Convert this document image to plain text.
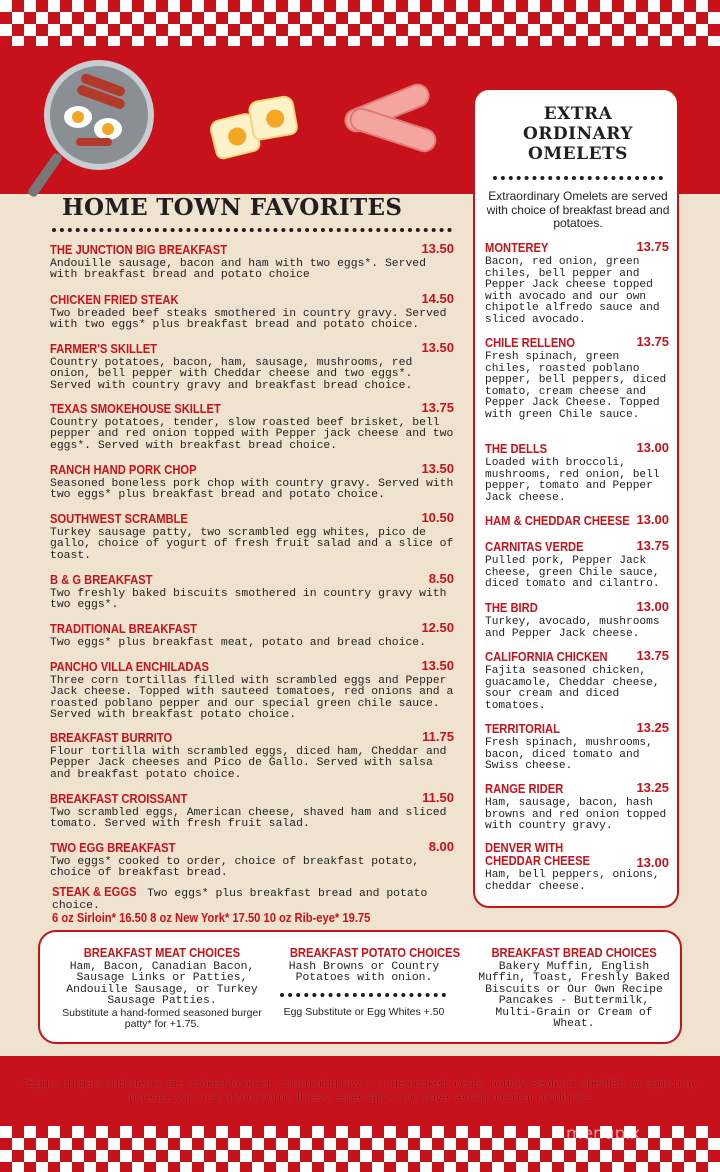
HOME TOWN FAVORITES
THE JUNCTION BIG BREAKFAST	13.50
Andouille sausage, bacon and ham with two eggs*. Served with breakfast bread and potato choice
CHICKEN FRIED STEAK	14.50
Two breaded beef steaks smothered in country gravy. Served with two eggs* plus breakfast bread and potato choice.
FARMER'S SKILLET	13.50
Country potatoes, bacon, ham, sausage, mushrooms, red onion, bell pepper with Cheddar cheese and two eggs*. Served with country gravy and breakfast bread choice.
TEXAS SMOKEHOUSE SKILLET	13.75
Country potatoes, tender, slow roasted beef brisket, bell pepper and red onion topped with Pepper jack cheese and two eggs*. Served with breakfast bread choice.
RANCH HAND PORK CHOP	13.50
Seasoned boneless pork chop with country gravy. Served with two eggs* plus breakfast bread and potato choice.
SOUTHWEST SCRAMBLE	10.50
Turkey sausage patty, two scrambled egg whites, pico de gallo, choice of yogurt of fresh fruit salad and a slice of toast.
B & G BREAKFAST	8.50
Two freshly baked biscuits smothered in country gravy with two eggs*.
TRADITIONAL BREAKFAST	12.50
Two eggs* plus breakfast meat, potato and bread choice.
PANCHO VILLA ENCHILADAS	13.50
Three corn tortillas filled with scrambled eggs and Pepper Jack cheese. Topped with sauteed tomatoes, red onions and a roasted poblano pepper and our special green chile sauce. Served with breakfast potato choice.
BREAKFAST BURRITO	11.75
Flour tortilla with scrambled eggs, diced ham, Cheddar and Pepper Jack cheeses and Pico de Gallo. Served with salsa and breakfast potato choice.
BREAKFAST CROISSANT	11.50
Two scrambled eggs, American cheese, shaved ham and sliced tomato. Served with fresh fruit salad.
TWO EGG BREAKFAST	8.00
Two eggs* cooked to order, choice of breakfast potato, choice of breakfast bread.
STEAK & EGGS Two eggs* plus breakfast bread and potato choice.
6 oz Sirloin* 16.50 8 oz New York* 17.50 10 oz Rib-eye* 19.75
EXTRA
ORDINARY
OMELETS
Extraordinary Omelets are served with choice of breakfast bread and potatoes.
MONTEREY	13.75
Bacon, red onion, green chiles, bell pepper and Pepper Jack cheese topped with avocado and our own chipotle alfredo sauce and sliced avocado.
CHILE RELLENO	13.75
Fresh spinach, green chiles, roasted poblano pepper, bell peppers, diced tomato, cream cheese and Pepper Jack Cheese. Topped with green Chile sauce.
THE DELLS	13.00
Loaded with broccoli, mushrooms, red onion, bell pepper, tomato and Pepper Jack cheese.
HAM & CHEDDAR CHEESE 13.00
CARNITAS VERDE	13.75
Pulled pork, Pepper Jack cheese, green Chile sauce, diced tomato and cilantro.
THE BIRD	13.00
Turkey, avocado, mushrooms and Pepper Jack cheese.
CALIFORNIA CHICKEN 13.75
Fajita seasoned chicken, guacamole, Cheddar cheese, sour cream and diced tomatoes.
TERRITORIAL	13.25
Fresh spinach, mushrooms, bacon, diced tomato and Swiss cheese.
RANGE RIDER	13.25
Ham, sausage, bacon, hash browns and red onion topped with country gravy.
DENVER WITH CHEDDAR CHEESE	13.00
Ham, bell peppers, onions, cheddar cheese.
BREAKFAST MEAT CHOICES
Ham, Bacon, Canadian Bacon, Sausage Links or Patties, Andouille Sausage, or Turkey Sausage Patties.
Substitute a hand-formed seasoned burger patty* for +1.75.
BREAKFAST POTATO CHOICES
Hash Browns or Country Potatoes with onion.
Egg Substitute or Egg Whites +.50
BREAKFAST BREAD CHOICES
Bakery Muffin, English Muffin, Toast, Freshly Baked Biscuits or Our Own Recipe Pancakes - Buttermilk, Multi-Grain or Cream of Wheat.
*Eggs, burgers and steaks are cooked to order. Consuming raw or undercooked meats, poultry, seafood, shellfish, or eggs may increase your risk of foodborne illness, especially if you have certain medical conditions.
menupix
